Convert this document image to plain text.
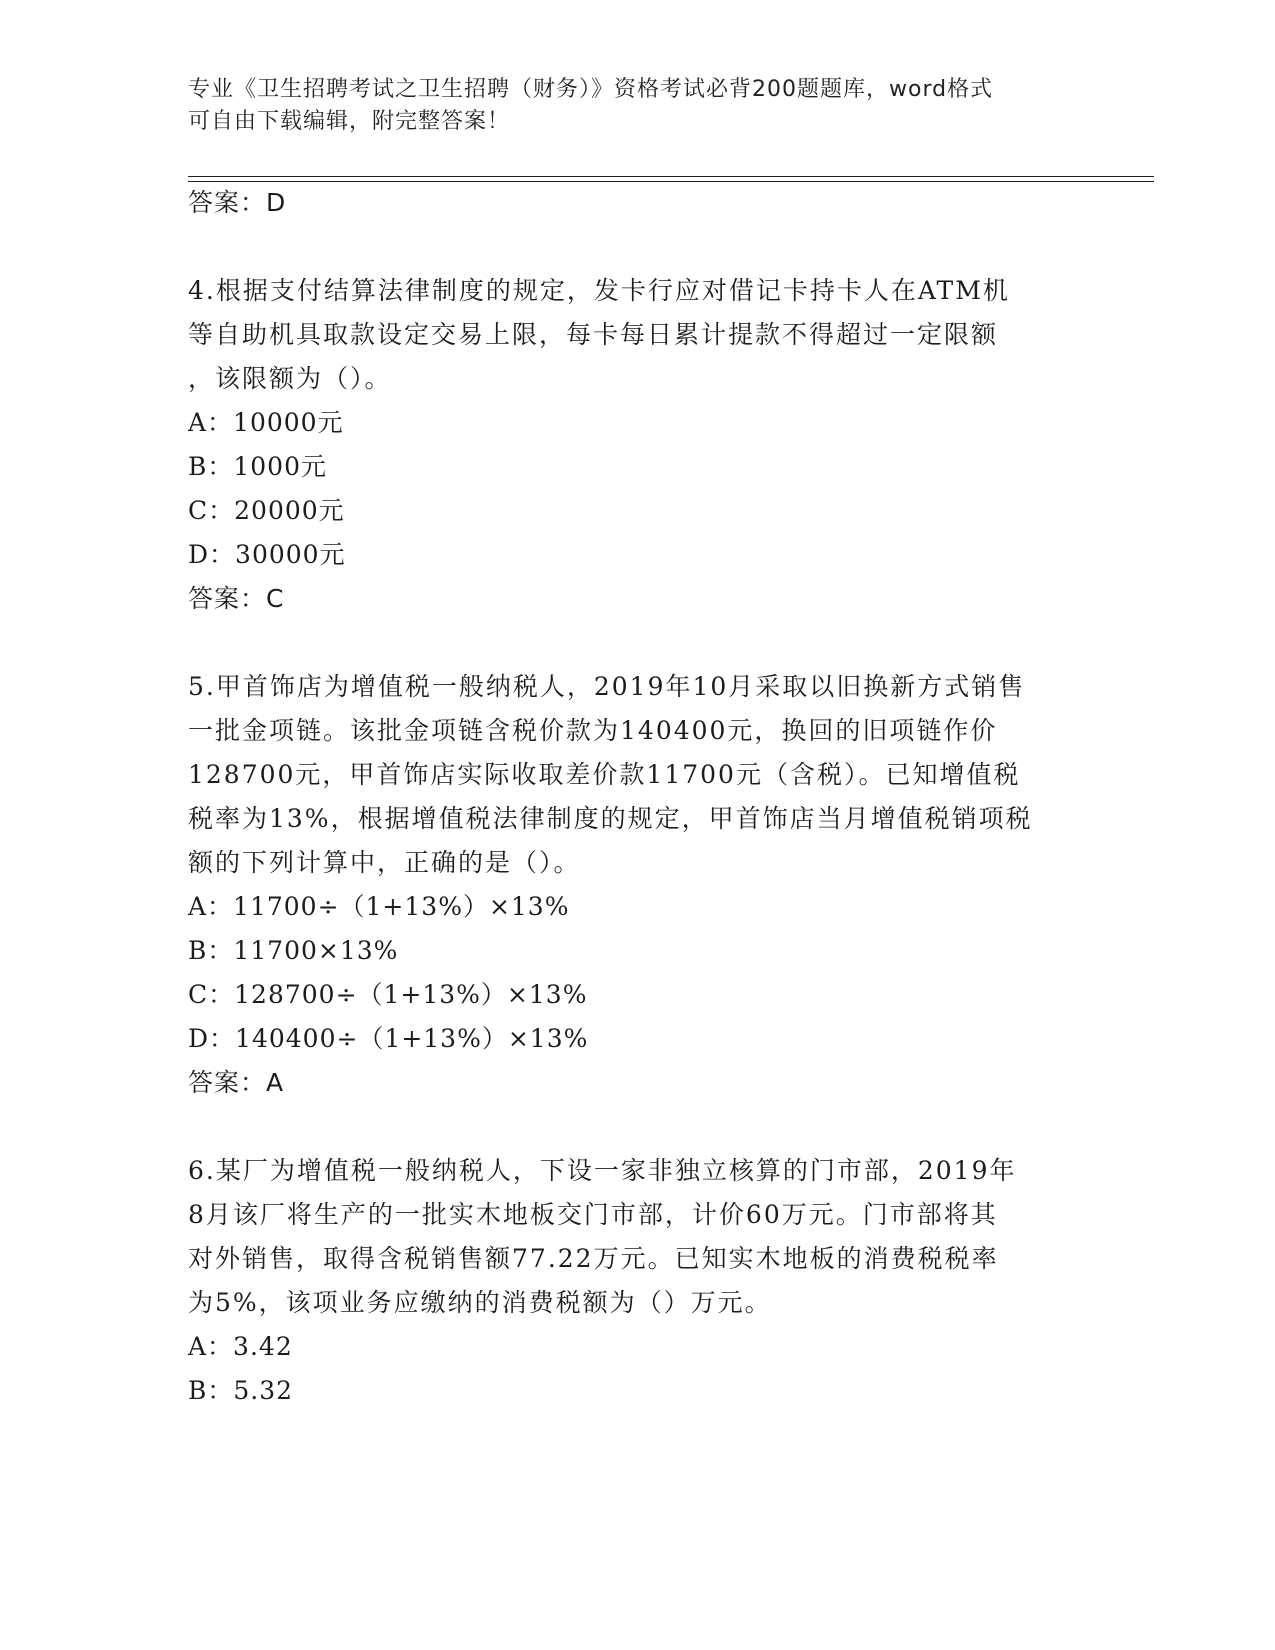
专业《卫生招聘考试之卫生招聘（财务）》资格考试必背200题题库，word格式
可自由下载编辑，附完整答案！
答案：D
4.根据支付结算法律制度的规定，发卡行应对借记卡持卡人在ATM机
等自助机具取款设定交易上限，每卡每日累计提款不得超过一定限额
，该限额为（）。
A：10000元
B：1000元
C：20000元
D：30000元
答案：C
5.甲首饰店为增值税一般纳税人，2019年10月采取以旧换新方式销售
一批金项链。该批金项链含税价款为140400元，换回的旧项链作价
128700元，甲首饰店实际收取差价款11700元（含税）。已知增值税
税率为13%，根据增值税法律制度的规定，甲首饰店当月增值税销项税
额的下列计算中，正确的是（）。
A：11700÷（1+13%）×13%
B：11700×13%
C：128700÷（1+13%）×13%
D：140400÷（1+13%）×13%
答案：A
6.某厂为增值税一般纳税人，下设一家非独立核算的门市部，2019年
8月该厂将生产的一批实木地板交门市部，计价60万元。门市部将其
对外销售，取得含税销售额77.22万元。已知实木地板的消费税税率
为5%，该项业务应缴纳的消费税额为（）万元。
A：3.42
B：5.32
